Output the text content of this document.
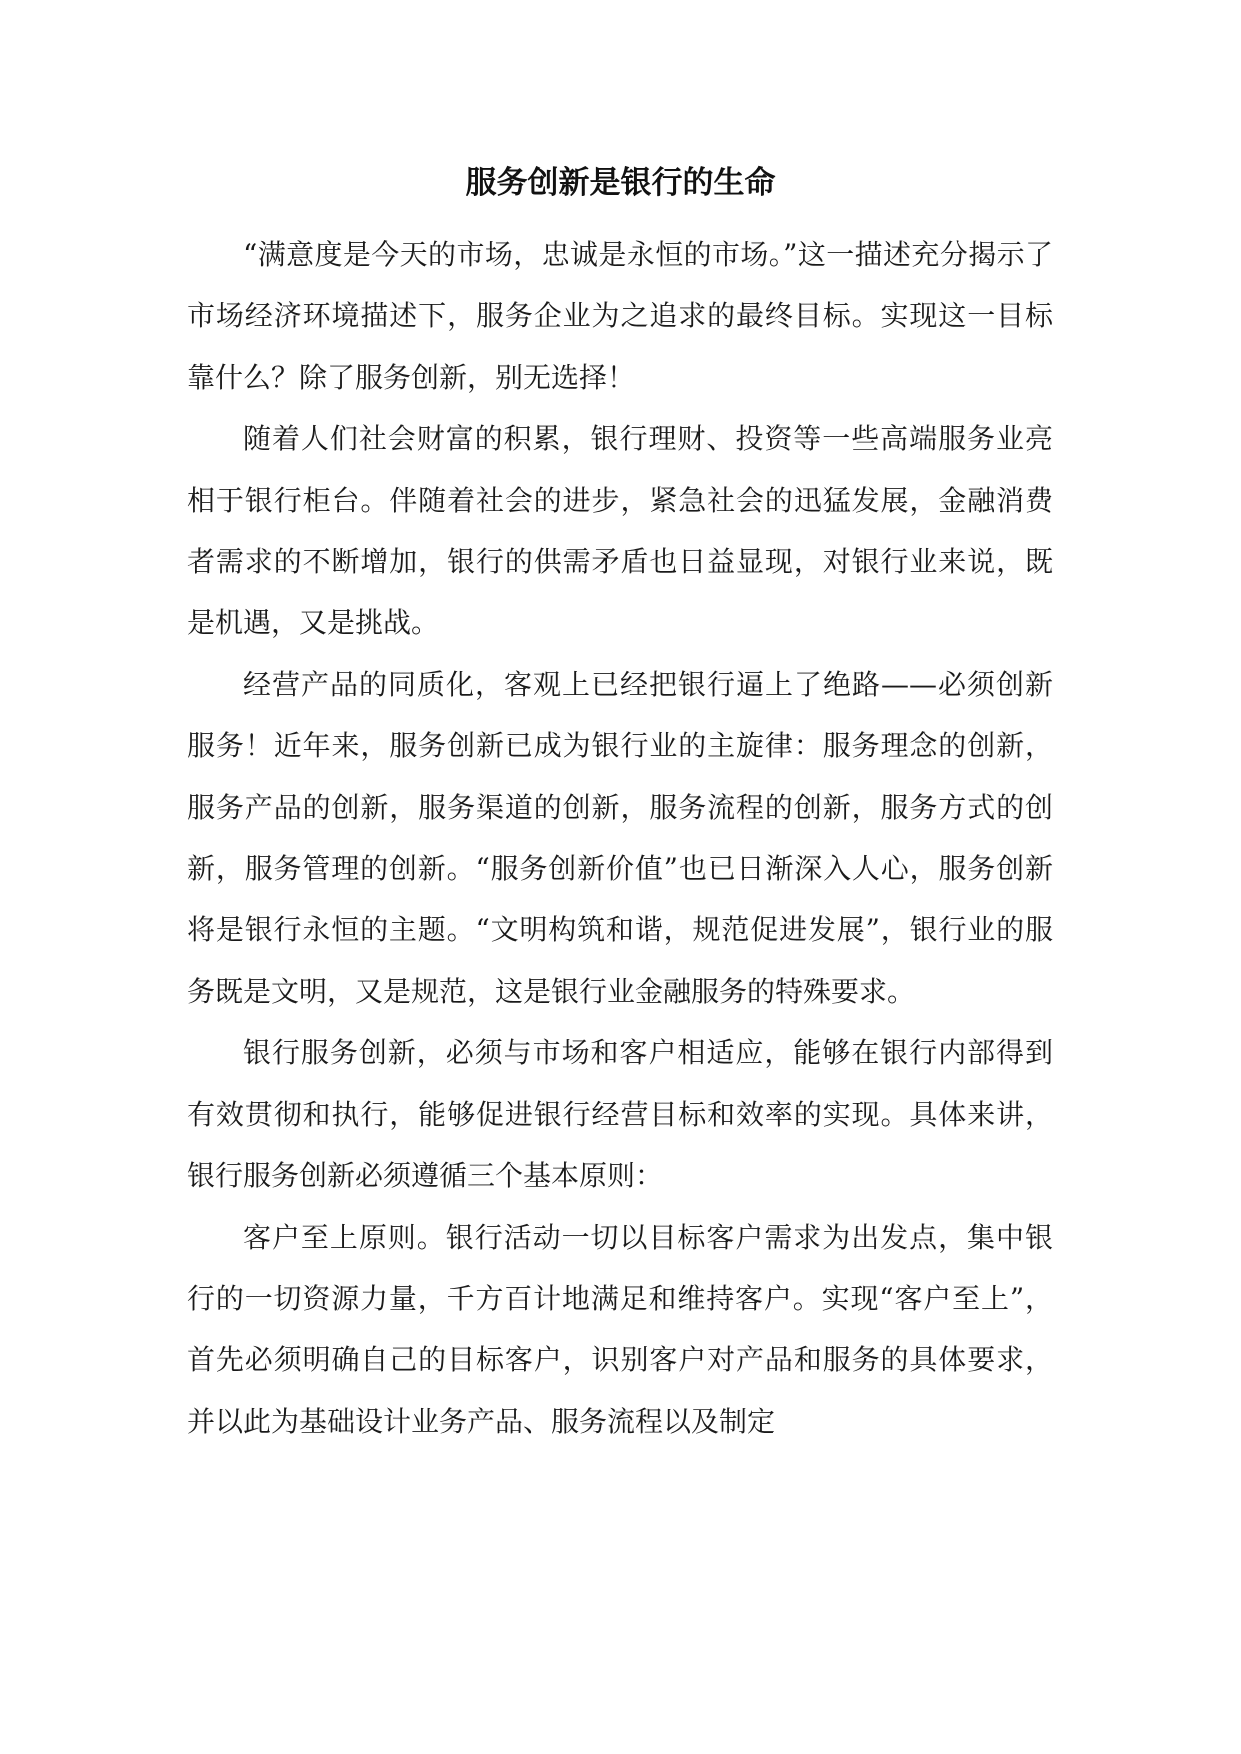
服务创新是银行的生命

“满意度是今天的市场，忠诚是永恒的市场。”这一描述充分揭示了市场经济环境描述下，服务企业为之追求的最终目标。实现这一目标靠什么？除了服务创新，别无选择！

随着人们社会财富的积累，银行理财、投资等一些高端服务业亮相于银行柜台。伴随着社会的进步，紧急社会的迅猛发展，金融消费者需求的不断增加，银行的供需矛盾也日益显现，对银行业来说，既是机遇，又是挑战。

经营产品的同质化，客观上已经把银行逼上了绝路——必须创新服务！近年来，服务创新已成为银行业的主旋律：服务理念的创新，服务产品的创新，服务渠道的创新，服务流程的创新，服务方式的创新，服务管理的创新。“服务创新价值”也已日渐深入人心，服务创新将是银行永恒的主题。“文明构筑和谐，规范促进发展”，银行业的服务既是文明，又是规范，这是银行业金融服务的特殊要求。

银行服务创新，必须与市场和客户相适应，能够在银行内部得到有效贯彻和执行，能够促进银行经营目标和效率的实现。具体来讲，银行服务创新必须遵循三个基本原则：

客户至上原则。银行活动一切以目标客户需求为出发点，集中银行的一切资源力量，千方百计地满足和维持客户。实现“客户至上”，首先必须明确自己的目标客户，识别客户对产品和服务的具体要求，并以此为基础设计业务产品、服务流程以及制定
